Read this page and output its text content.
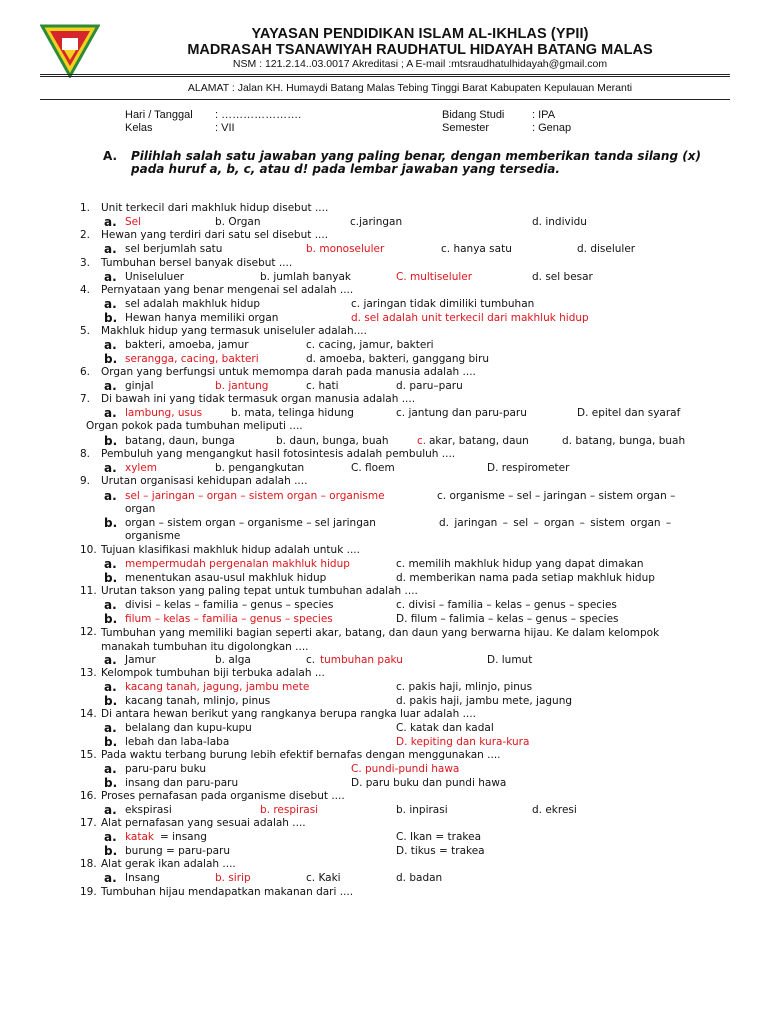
YAYASAN PENDIDIKAN ISLAM AL-IKHLAS (YPII)
MADRASAH TSANAWIYAH RAUDHATUL HIDAYAH BATANG MALAS
NSM : 121.2.14..03.0017 Akreditasi ; A E-mail :mtsraudhatulhidayah@gmail.com
ALAMAT : Jalan KH. Humaydi Batang Malas Tebing Tinggi Barat Kabupaten Kepulauan Meranti
Hari / Tanggal : ………………….
Kelas	: VII
Bidang Studi	: IPA
Semester	: Genap
A.	Pilihlah salah satu jawaban yang paling benar, dengan memberikan tanda silang (x) pada huruf a, b, c, atau d! pada lembar jawaban yang tersedia.
1. Unit terkecil dari makhluk hidup disebut ....
a. Sel	b. Organ	c.jaringan	d. individu
2. Hewan yang terdiri dari satu sel disebut ....
a. sel berjumlah satu	b. monoseluler	c. hanya satu	d. diseluler
3. Tumbuhan bersel banyak disebut ....
a. Uniseluluer	b. jumlah banyak	C. multiseluler	d. sel besar
4. Pernyataan yang benar mengenai sel adalah ....
a. sel adalah makhluk hidup	c. jaringan tidak dimiliki tumbuhan
b. Hewan hanya memiliki organ	d. sel adalah unit terkecil dari makhluk hidup
5. Makhluk hidup yang termasuk uniseluler adalah....
a. bakteri, amoeba, jamur	c. cacing, jamur, bakteri
b. serangga, cacing, bakteri	d. amoeba, bakteri, ganggang biru
6. Organ yang berfungsi untuk memompa darah pada manusia adalah ....
a. ginjal	b. jantung	c. hati	d. paru–paru
7. Di bawah ini yang tidak termasuk organ manusia adalah ....
a. lambung, usus	b. mata, telinga hidung	c. jantung dan paru-paru	D. epitel dan syaraf
Organ pokok pada tumbuhan meliputi ....
b. batang, daun, bunga	b. daun, bunga, buah	c. akar, batang, daun	d. batang, bunga, buah
8. Pembuluh yang mengangkut hasil fotosintesis adalah pembuluh ....
a. xylem	b. pengangkutan	C. floem	D. respirometer
9. Urutan organisasi kehidupan adalah ....
a. sel – jaringan – organ – sistem organ – organisme	c. organisme – sel – jaringan – sistem organ – organ
b. organ – sistem organ – organisme – sel jaringan	d. jaringan – sel – organ – sistem organ – organisme
10. Tujuan klasifikasi makhluk hidup adalah untuk ....
a. mempermudah pergenalan makhluk hidup	c. memilih makhluk hidup yang dapat dimakan
b. menentukan asau-usul makhluk hidup	d. memberikan nama pada setiap makhluk hidup
11. Urutan takson yang paling tepat untuk tumbuhan adalah ....
a. divisi – kelas – familia – genus – species	c. divisi – familia – kelas – genus – species
b. filum – kelas – familia – genus – species	D. filum – falimia – kelas – genus – species
12. Tumbuhan yang memiliki bagian seperti akar, batang, dan daun yang berwarna hijau. Ke dalam kelompok manakah tumbuhan itu digolongkan ....
a. Jamur	b. alga	c. tumbuhan paku	D. lumut
13. Kelompok tumbuhan biji terbuka adalah ...
a. kacang tanah, jagung, jambu mete	c. pakis haji, mlinjo, pinus
b. kacang tanah, mlinjo, pinus	d. pakis haji, jambu mete, jagung
14. Di antara hewan berikut yang rangkanya berupa rangka luar adalah ....
a. belalang dan kupu-kupu	C. katak dan kadal
b. lebah dan laba-laba	D. kepiting dan kura-kura
15. Pada waktu terbang burung lebih efektif bernafas dengan menggunakan ....
a. paru-paru buku	C. pundi-pundi hawa
b. insang dan paru-paru	D. paru buku dan pundi hawa
16. Proses pernafasan pada organisme disebut ....
a. ekspirasi	b. respirasi	b. inpirasi	d. ekresi
17. Alat pernafasan yang sesuai adalah ....
a. katak = insang	C. Ikan = trakea
b. burung = paru-paru	D. tikus = trakea
18. Alat gerak ikan adalah ....
a. Insang	b. sirip	c. Kaki	d. badan
19. Tumbuhan hijau mendapatkan makanan dari ....
